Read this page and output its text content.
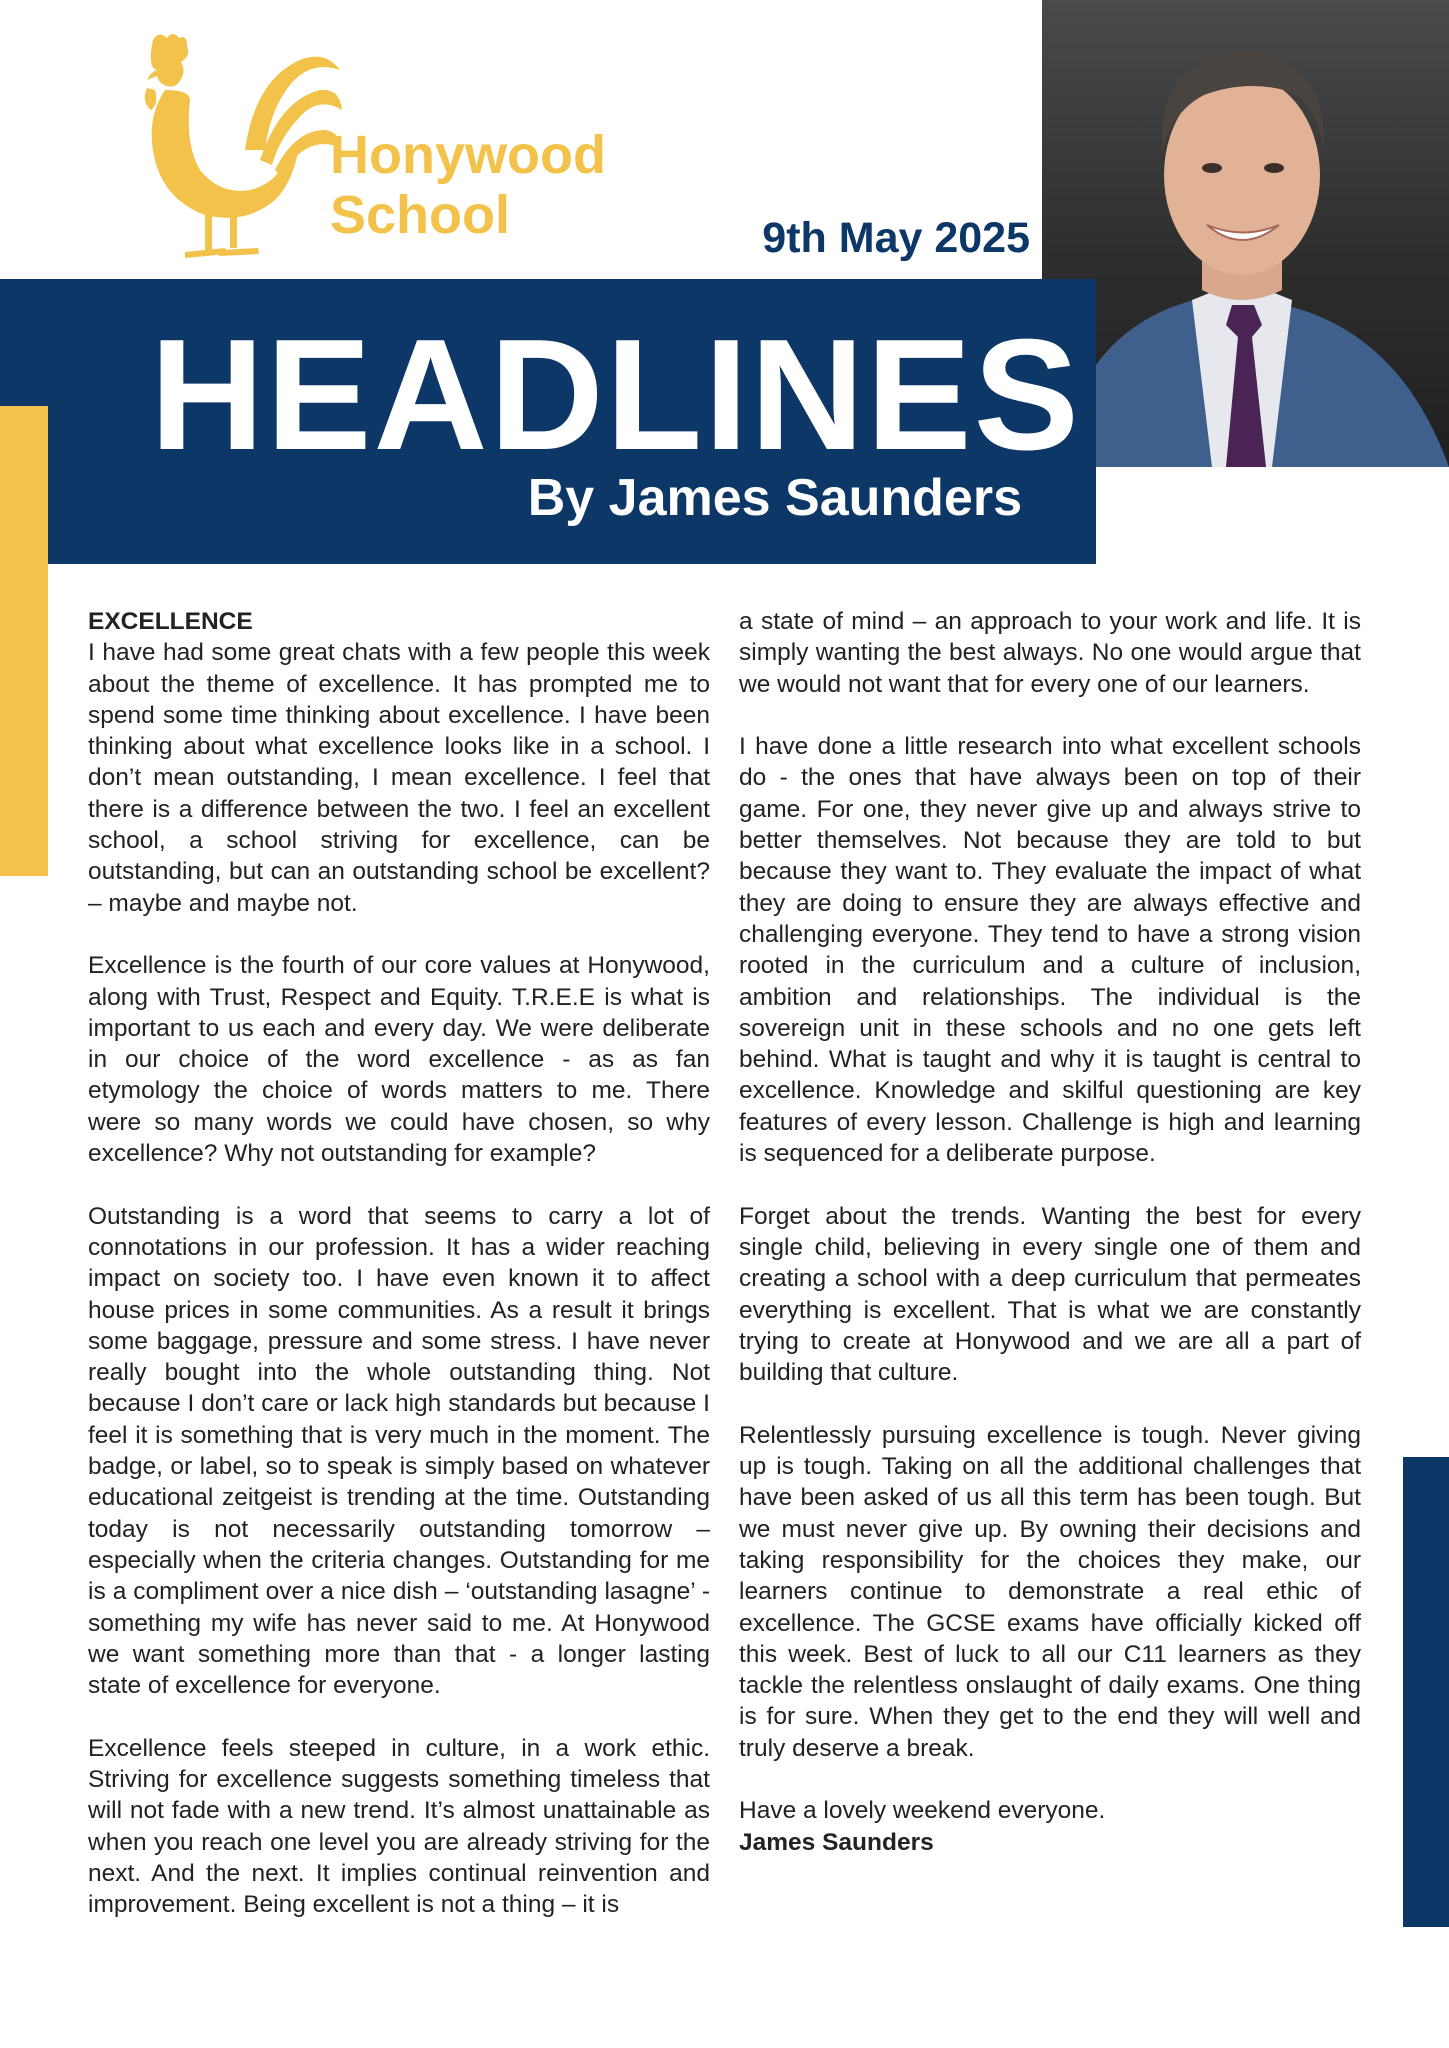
Honywood
School	9th May 2025
HEADLINES
By James Saunders

EXCELLENCE

I have had some great chats with a few people this week about the theme of excellence. It has prompted me to spend some time thinking about excellence. I have been thinking about what excellence looks like in a school. I don’t mean outstanding, I mean excellence. I feel that there is a difference between the two. I feel an excellent school, a school striving for excellence, can be outstanding, but can an outstanding school be excellent? – maybe and maybe not.

Excellence is the fourth of our core values at Honywood, along with Trust, Respect and Equity. T.R.E.E is what is important to us each and every day. We were deliberate in our choice of the word excellence - as as fan etymology the choice of words matters to me. There were so many words we could have chosen, so why excellence? Why not outstanding for example?

Outstanding is a word that seems to carry a lot of connotations in our profession. It has a wider reaching impact on society too. I have even known it to affect house prices in some communities. As a result it brings some baggage, pressure and some stress. I have never really bought into the whole outstanding thing. Not because I don’t care or lack high standards but because I feel it is something that is very much in the moment. The badge, or label, so to speak is simply based on whatever educational zeitgeist is trending at the time. Outstanding today is not necessarily outstanding tomorrow – especially when the criteria changes. Outstanding for me is a compliment over a nice dish – ‘outstanding lasagne’ - something my wife has never said to me. At Honywood we want something more than that - a longer lasting state of excellence for everyone.

Excellence feels steeped in culture, in a work ethic. Striving for excellence suggests something timeless that will not fade with a new trend. It’s almost unattainable as when you reach one level you are already striving for the next. And the next. It implies continual reinvention and improvement. Being excellent is not a thing – it is

a state of mind – an approach to your work and life. It is simply wanting the best always. No one would argue that we would not want that for every one of our learners.

I have done a little research into what excellent schools do - the ones that have always been on top of their game. For one, they never give up and always strive to better themselves. Not because they are told to but because they want to. They evaluate the impact of what they are doing to ensure they are always effective and challenging everyone. They tend to have a strong vision rooted in the curriculum and a culture of inclusion, ambition and relationships. The individual is the sovereign unit in these schools and no one gets left behind. What is taught and why it is taught is central to excellence. Knowledge and skilful questioning are key features of every lesson. Challenge is high and learning is sequenced for a deliberate purpose.

Forget about the trends. Wanting the best for every single child, believing in every single one of them and creating a school with a deep curriculum that permeates everything is excellent. That is what we are constantly trying to create at Honywood and we are all a part of building that culture.

Relentlessly pursuing excellence is tough. Never giving up is tough. Taking on all the additional challenges that have been asked of us all this term has been tough. But we must never give up. By owning their decisions and taking responsibility for the choices they make, our learners continue to demonstrate a real ethic of excellence. The GCSE exams have officially kicked off this week. Best of luck to all our C11 learners as they tackle the relentless onslaught of daily exams. One thing is for sure. When they get to the end they will well and truly deserve a break.

Have a lovely weekend everyone.

James Saunders
